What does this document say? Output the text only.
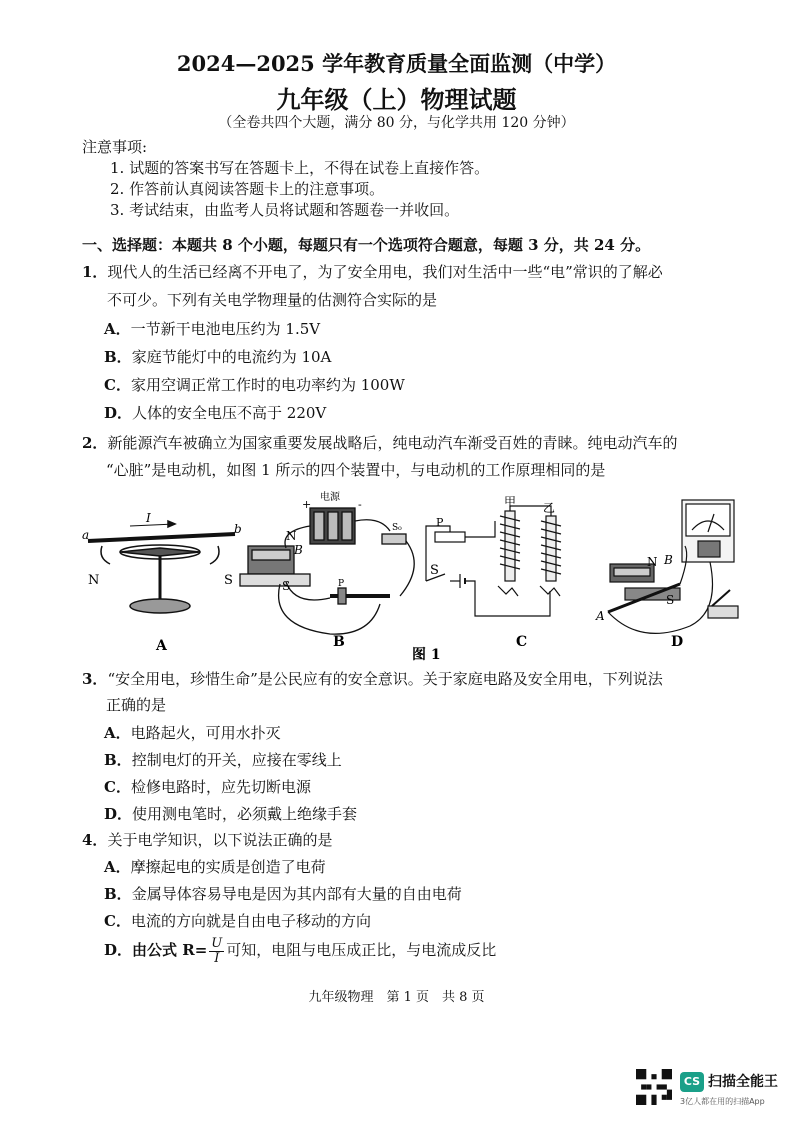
2024—2025 学年教育质量全面监测（中学）
九年级（上）物理试题
（全卷共四个大题，满分 80 分，与化学共用 120 分钟）
注意事项:
1. 试题的答案书写在答题卡上，不得在试卷上直接作答。
2. 作答前认真阅读答题卡上的注意事项。
3. 考试结束，由监考人员将试题和答题卷一并收回。
一、选择题：本题共 8 个小题，每题只有一个选项符合题意，每题 3 分，共 24 分。
1．现代人的生活已经离不开电了，为了安全用电，我们对生活中一些“电”常识的了解必
不可少。下列有关电学物理量的估测符合实际的是
A．一节新干电池电压约为 1.5V
B．家庭节能灯中的电流约为 10A
C．家用空调正常工作时的电功率约为 100W
D．人体的安全电压不高于 220V
2．新能源汽车被确立为国家重要发展战略后，纯电动汽车渐受百姓的青睐。纯电动汽车的
“心脏”是电动机，如图 1 所示的四个装置中，与电动机的工作原理相同的是
a	b
I
N	S
电源
+	-
N
B
S
S₀
P
P
S
甲 乙
N B
S
A
A	B	C	D
图 1
3．“安全用电，珍惜生命”是公民应有的安全意识。关于家庭电路及安全用电，下列说法
正确的是
A．电路起火，可用水扑灭
B．控制电灯的开关，应接在零线上
C．检修电路时，应先切断电源
D．使用测电笔时，必须戴上绝缘手套
4．关于电学知识，以下说法正确的是
A．摩擦起电的实质是创造了电荷
B．金属导体容易导电是因为其内部有大量的自由电荷
C．电流的方向就是自由电子移动的方向
D．由公式 $R= \frac{U}{I}$ 可知，电阻与电压成正比，与电流成反比
九年级物理　第 1 页　共 8 页
CS 扫描全能王
3亿人都在用的扫描App
